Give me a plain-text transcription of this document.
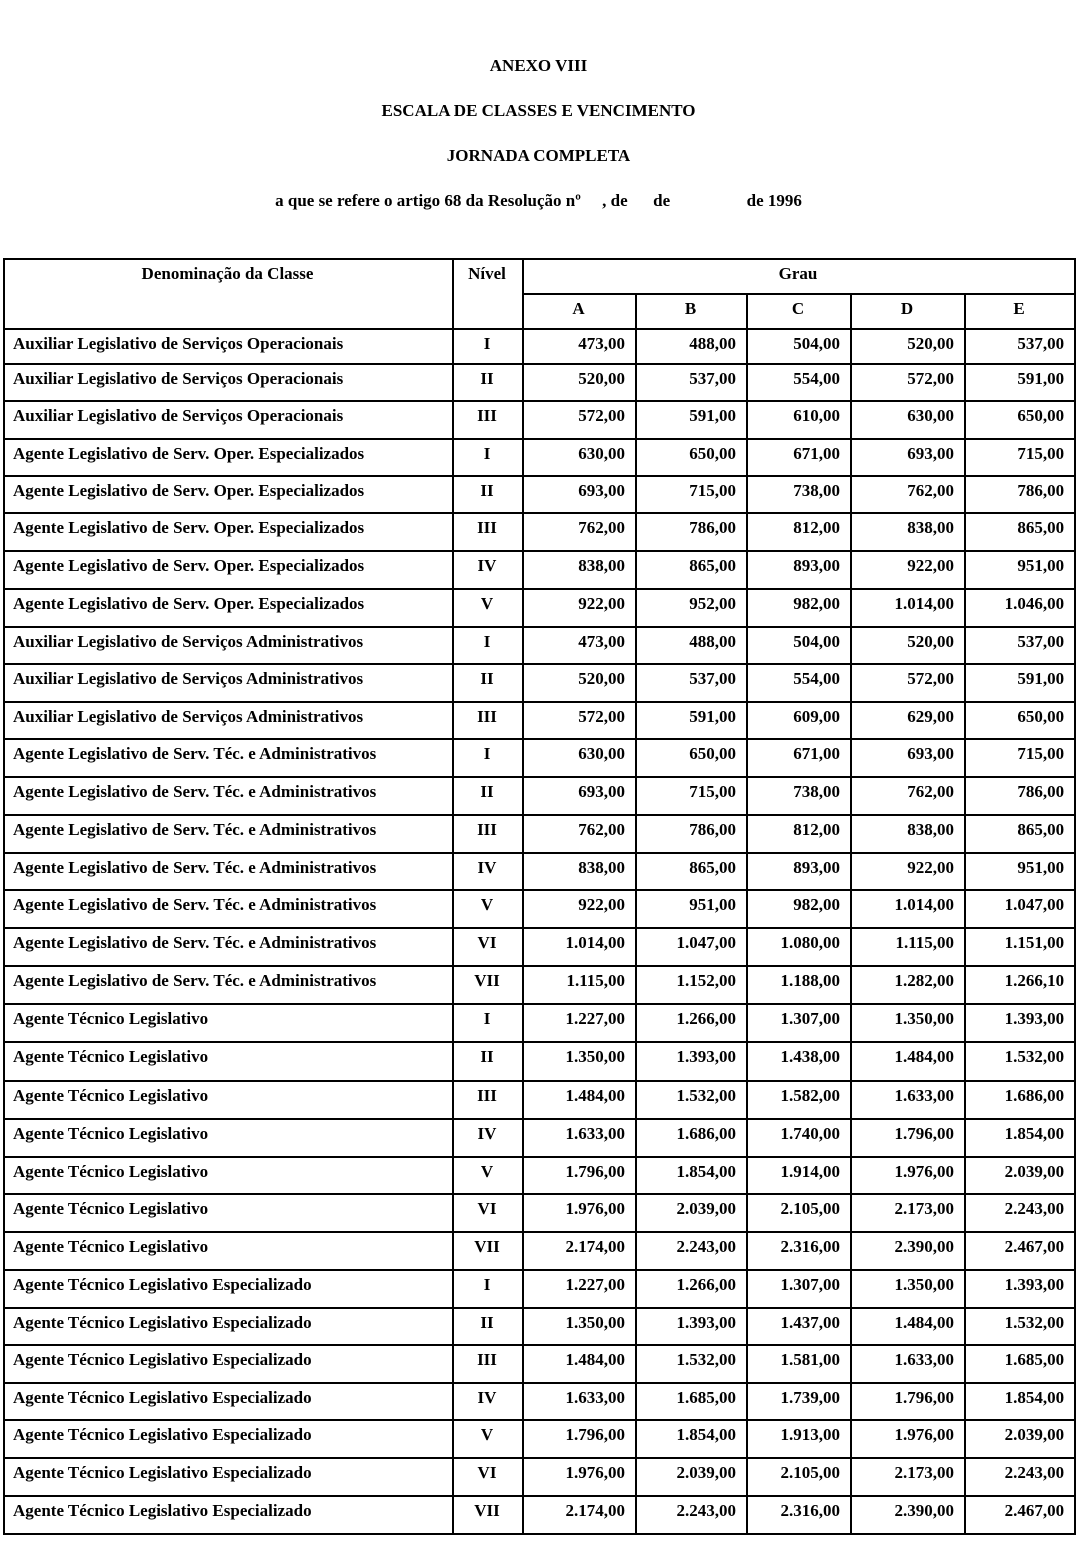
ANEXO VIII
ESCALA DE CLASSES E VENCIMENTO
JORNADA COMPLETA
a que se refere o artigo 68 da Resolução nº     , de      de                  de 1996
Denominação da Classe	Nível	Grau				
		A	B	C	D	E
Auxiliar Legislativo de Serviços Operacionais	I	473,00	488,00	504,00	520,00	537,00
Auxiliar Legislativo de Serviços Operacionais	II	520,00	537,00	554,00	572,00	591,00
Auxiliar Legislativo de Serviços Operacionais	III	572,00	591,00	610,00	630,00	650,00
Agente Legislativo de Serv. Oper. Especializados	I	630,00	650,00	671,00	693,00	715,00
Agente Legislativo de Serv. Oper. Especializados	II	693,00	715,00	738,00	762,00	786,00
Agente Legislativo de Serv. Oper. Especializados	III	762,00	786,00	812,00	838,00	865,00
Agente Legislativo de Serv. Oper. Especializados	IV	838,00	865,00	893,00	922,00	951,00
Agente Legislativo de Serv. Oper. Especializados	V	922,00	952,00	982,00	1.014,00	1.046,00
Auxiliar Legislativo de Serviços Administrativos	I	473,00	488,00	504,00	520,00	537,00
Auxiliar Legislativo de Serviços Administrativos	II	520,00	537,00	554,00	572,00	591,00
Auxiliar Legislativo de Serviços Administrativos	III	572,00	591,00	609,00	629,00	650,00
Agente Legislativo de Serv. Téc. e Administrativos	I	630,00	650,00	671,00	693,00	715,00
Agente Legislativo de Serv. Téc. e Administrativos	II	693,00	715,00	738,00	762,00	786,00
Agente Legislativo de Serv. Téc. e Administrativos	III	762,00	786,00	812,00	838,00	865,00
Agente Legislativo de Serv. Téc. e Administrativos	IV	838,00	865,00	893,00	922,00	951,00
Agente Legislativo de Serv. Téc. e Administrativos	V	922,00	951,00	982,00	1.014,00	1.047,00
Agente Legislativo de Serv. Téc. e Administrativos	VI	1.014,00	1.047,00	1.080,00	1.115,00	1.151,00
Agente Legislativo de Serv. Téc. e Administrativos	VII	1.115,00	1.152,00	1.188,00	1.282,00	1.266,10
Agente Técnico Legislativo	I	1.227,00	1.266,00	1.307,00	1.350,00	1.393,00
Agente Técnico Legislativo	II	1.350,00	1.393,00	1.438,00	1.484,00	1.532,00
Agente Técnico Legislativo	III	1.484,00	1.532,00	1.582,00	1.633,00	1.686,00
Agente Técnico Legislativo	IV	1.633,00	1.686,00	1.740,00	1.796,00	1.854,00
Agente Técnico Legislativo	V	1.796,00	1.854,00	1.914,00	1.976,00	2.039,00
Agente Técnico Legislativo	VI	1.976,00	2.039,00	2.105,00	2.173,00	2.243,00
Agente Técnico Legislativo	VII	2.174,00	2.243,00	2.316,00	2.390,00	2.467,00
Agente Técnico Legislativo Especializado	I	1.227,00	1.266,00	1.307,00	1.350,00	1.393,00
Agente Técnico Legislativo Especializado	II	1.350,00	1.393,00	1.437,00	1.484,00	1.532,00
Agente Técnico Legislativo Especializado	III	1.484,00	1.532,00	1.581,00	1.633,00	1.685,00
Agente Técnico Legislativo Especializado	IV	1.633,00	1.685,00	1.739,00	1.796,00	1.854,00
Agente Técnico Legislativo Especializado	V	1.796,00	1.854,00	1.913,00	1.976,00	2.039,00
Agente Técnico Legislativo Especializado	VI	1.976,00	2.039,00	2.105,00	2.173,00	2.243,00
Agente Técnico Legislativo Especializado	VII	2.174,00	2.243,00	2.316,00	2.390,00	2.467,00
